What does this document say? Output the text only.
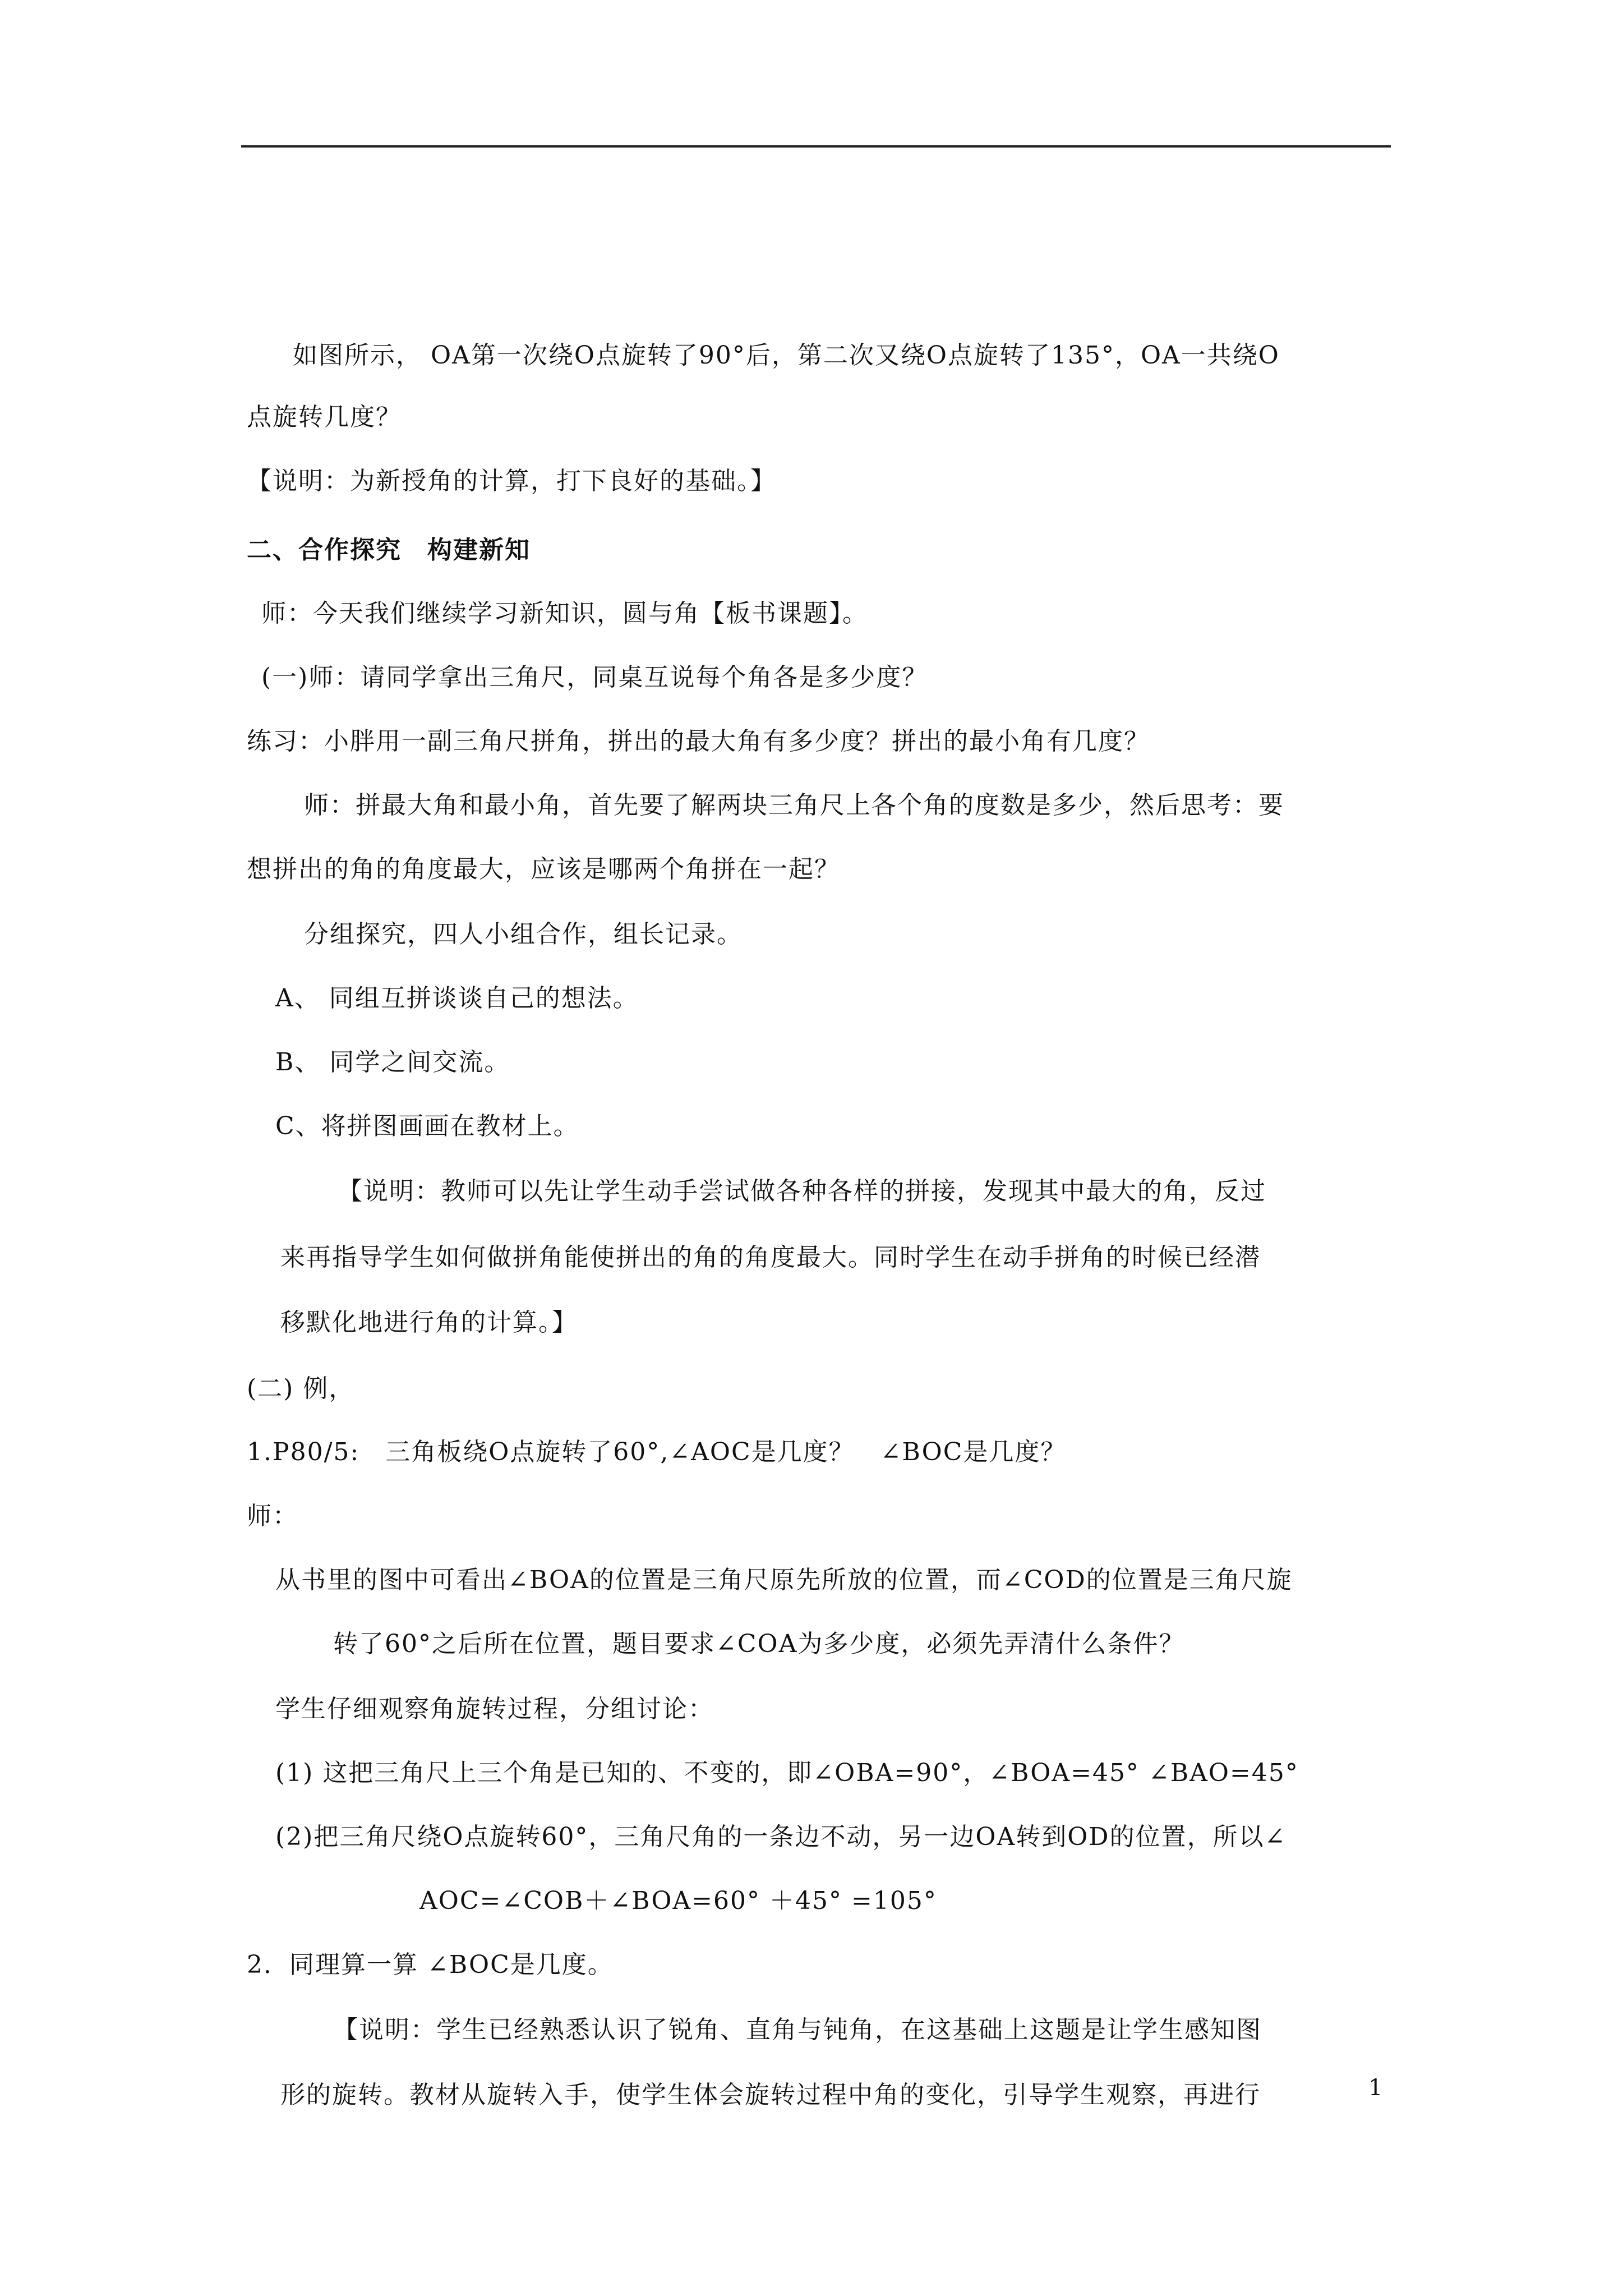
如图所示， OA第一次绕O点旋转了90°后，第二次又绕O点旋转了135°，OA一共绕O
点旋转几度？
【说明：为新授角的计算，打下良好的基础。】
二、合作探究　构建新知
师：今天我们继续学习新知识，圆与角【板书课题】。
(一)师：请同学拿出三角尺，同桌互说每个角各是多少度？
练习：小胖用一副三角尺拼角，拼出的最大角有多少度？拼出的最小角有几度？
师：拼最大角和最小角，首先要了解两块三角尺上各个角的度数是多少，然后思考：要
想拼出的角的角度最大，应该是哪两个角拼在一起？
分组探究，四人小组合作，组长记录。
A、 同组互拼谈谈自己的想法。
B、 同学之间交流。
C、将拼图画画在教材上。
【说明：教师可以先让学生动手尝试做各种各样的拼接，发现其中最大的角，反过
来再指导学生如何做拼角能使拼出的角的角度最大。同时学生在动手拼角的时候已经潜
移默化地进行角的计算。】
(二) 例，
1.P80/5:　三角板绕O点旋转了60°,∠AOC是几度？　∠BOC是几度？
师：
从书里的图中可看出∠BOA的位置是三角尺原先所放的位置，而∠COD的位置是三角尺旋
转了60°之后所在位置，题目要求∠COA为多少度，必须先弄清什么条件？
学生仔细观察角旋转过程，分组讨论：
(1) 这把三角尺上三个角是已知的、不变的，即∠OBA=90°，∠BOA=45° ∠BAO=45°
(2)把三角尺绕O点旋转60°，三角尺角的一条边不动，另一边OA转到OD的位置，所以∠
AOC=∠COB＋∠BOA=60° ＋45° =105°
2．同理算一算 ∠BOC是几度。
【说明：学生已经熟悉认识了锐角、直角与钝角，在这基础上这题是让学生感知图
形的旋转。教材从旋转入手，使学生体会旋转过程中角的变化，引导学生观察，再进行	1
